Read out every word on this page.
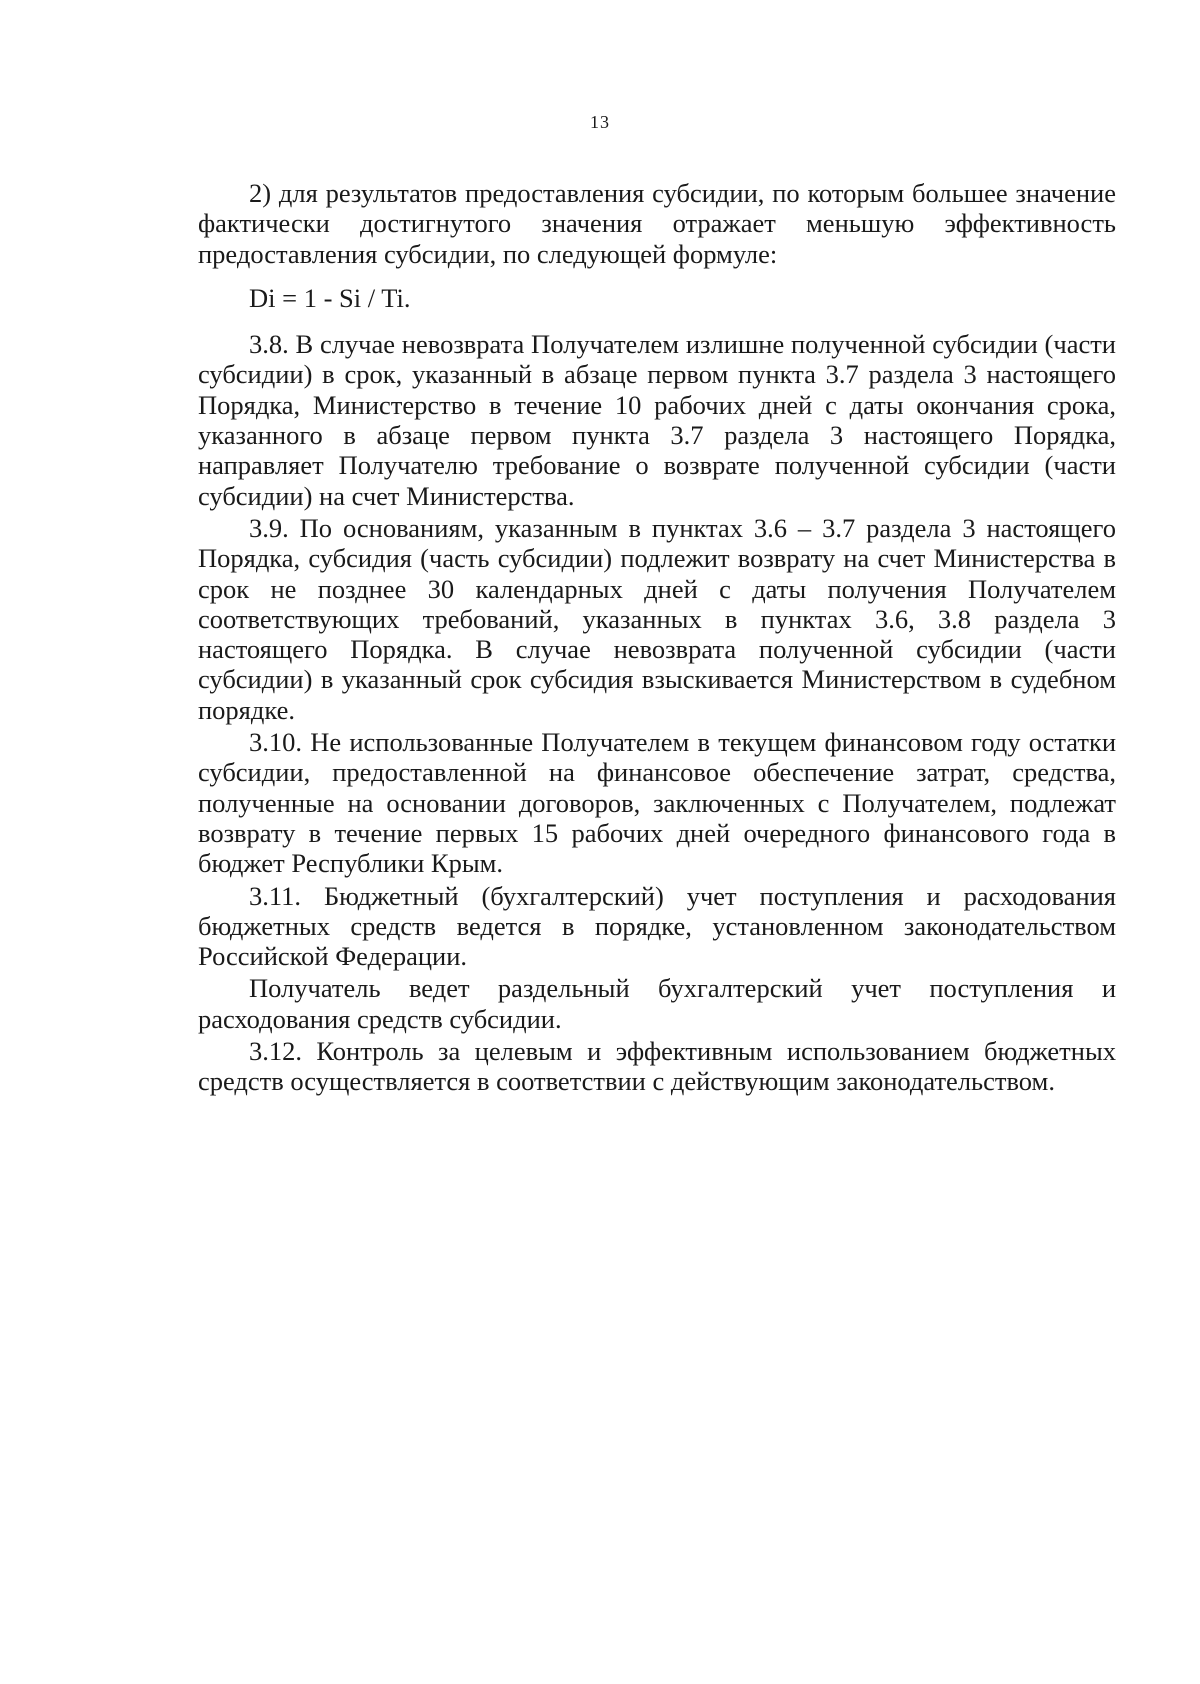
13

2) для результатов предоставления субсидии, по которым большее значение фактически достигнутого значения отражает меньшую эффективность предоставления субсидии, по следующей формуле:

Di = 1 - Si / Ti.

3.8. В случае невозврата Получателем излишне полученной субсидии (части субсидии) в срок, указанный в абзаце первом пункта 3.7 раздела 3 настоящего Порядка, Министерство в течение 10 рабочих дней с даты окончания срока, указанного в абзаце первом пункта 3.7 раздела 3 настоящего Порядка, направляет Получателю требование о возврате полученной субсидии (части субсидии) на счет Министерства.

3.9. По основаниям, указанным в пунктах 3.6 – 3.7 раздела 3 настоящего Порядка, субсидия (часть субсидии) подлежит возврату на счет Министерства в срок не позднее 30 календарных дней с даты получения Получателем соответствующих требований, указанных в пунктах 3.6, 3.8 раздела 3 настоящего Порядка. В случае невозврата полученной субсидии (части субсидии) в указанный срок субсидия взыскивается Министерством в судебном порядке.

3.10. Не использованные Получателем в текущем финансовом году остатки субсидии, предоставленной на финансовое обеспечение затрат, средства, полученные на основании договоров, заключенных с Получателем, подлежат возврату в течение первых 15 рабочих дней очередного финансового года в бюджет Республики Крым.

3.11. Бюджетный (бухгалтерский) учет поступления и расходования бюджетных средств ведется в порядке, установленном законодательством Российской Федерации.

Получатель ведет раздельный бухгалтерский учет поступления и расходования средств субсидии.

3.12. Контроль за целевым и эффективным использованием бюджетных средств осуществляется в соответствии с действующим законодательством.
